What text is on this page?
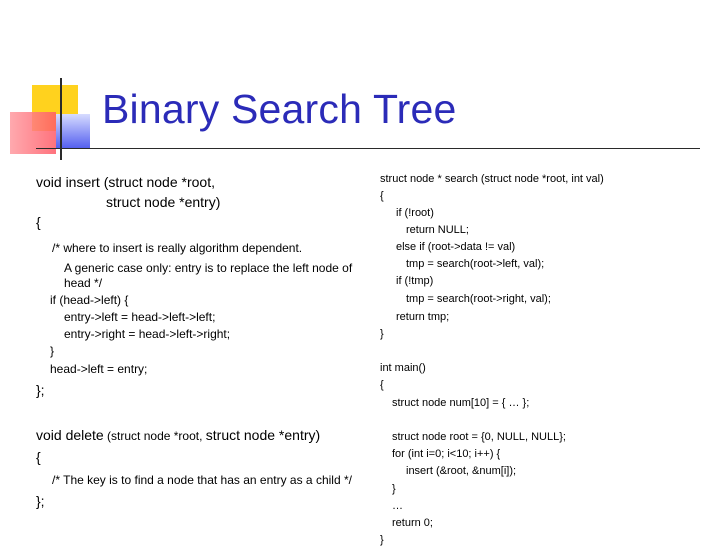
Binary Search Tree
void insert (struct node *root,
struct node *entry)
{
/* where to insert is really algorithm dependent.
A generic case only: entry is to replace the left node of
head */
if (head->left) {
entry->left = head->left->left;
entry->right = head->left->right;
}
head->left = entry;
};
void delete (struct node *root, struct node *entry)
{
/* The key is to find a node that has an entry as a child */
};
struct node * search (struct node *root, int val)
{
if (!root)
return NULL;
else if (root->data != val)
tmp = search(root->left, val);
if (!tmp)
tmp = search(root->right, val);
return tmp;
}
int main()
{
struct node num[10] = { … };
struct node root = {0, NULL, NULL};
for (int i=0; i<10; i++) {
insert (&root, &num[i]);
}
…
return 0;
}
